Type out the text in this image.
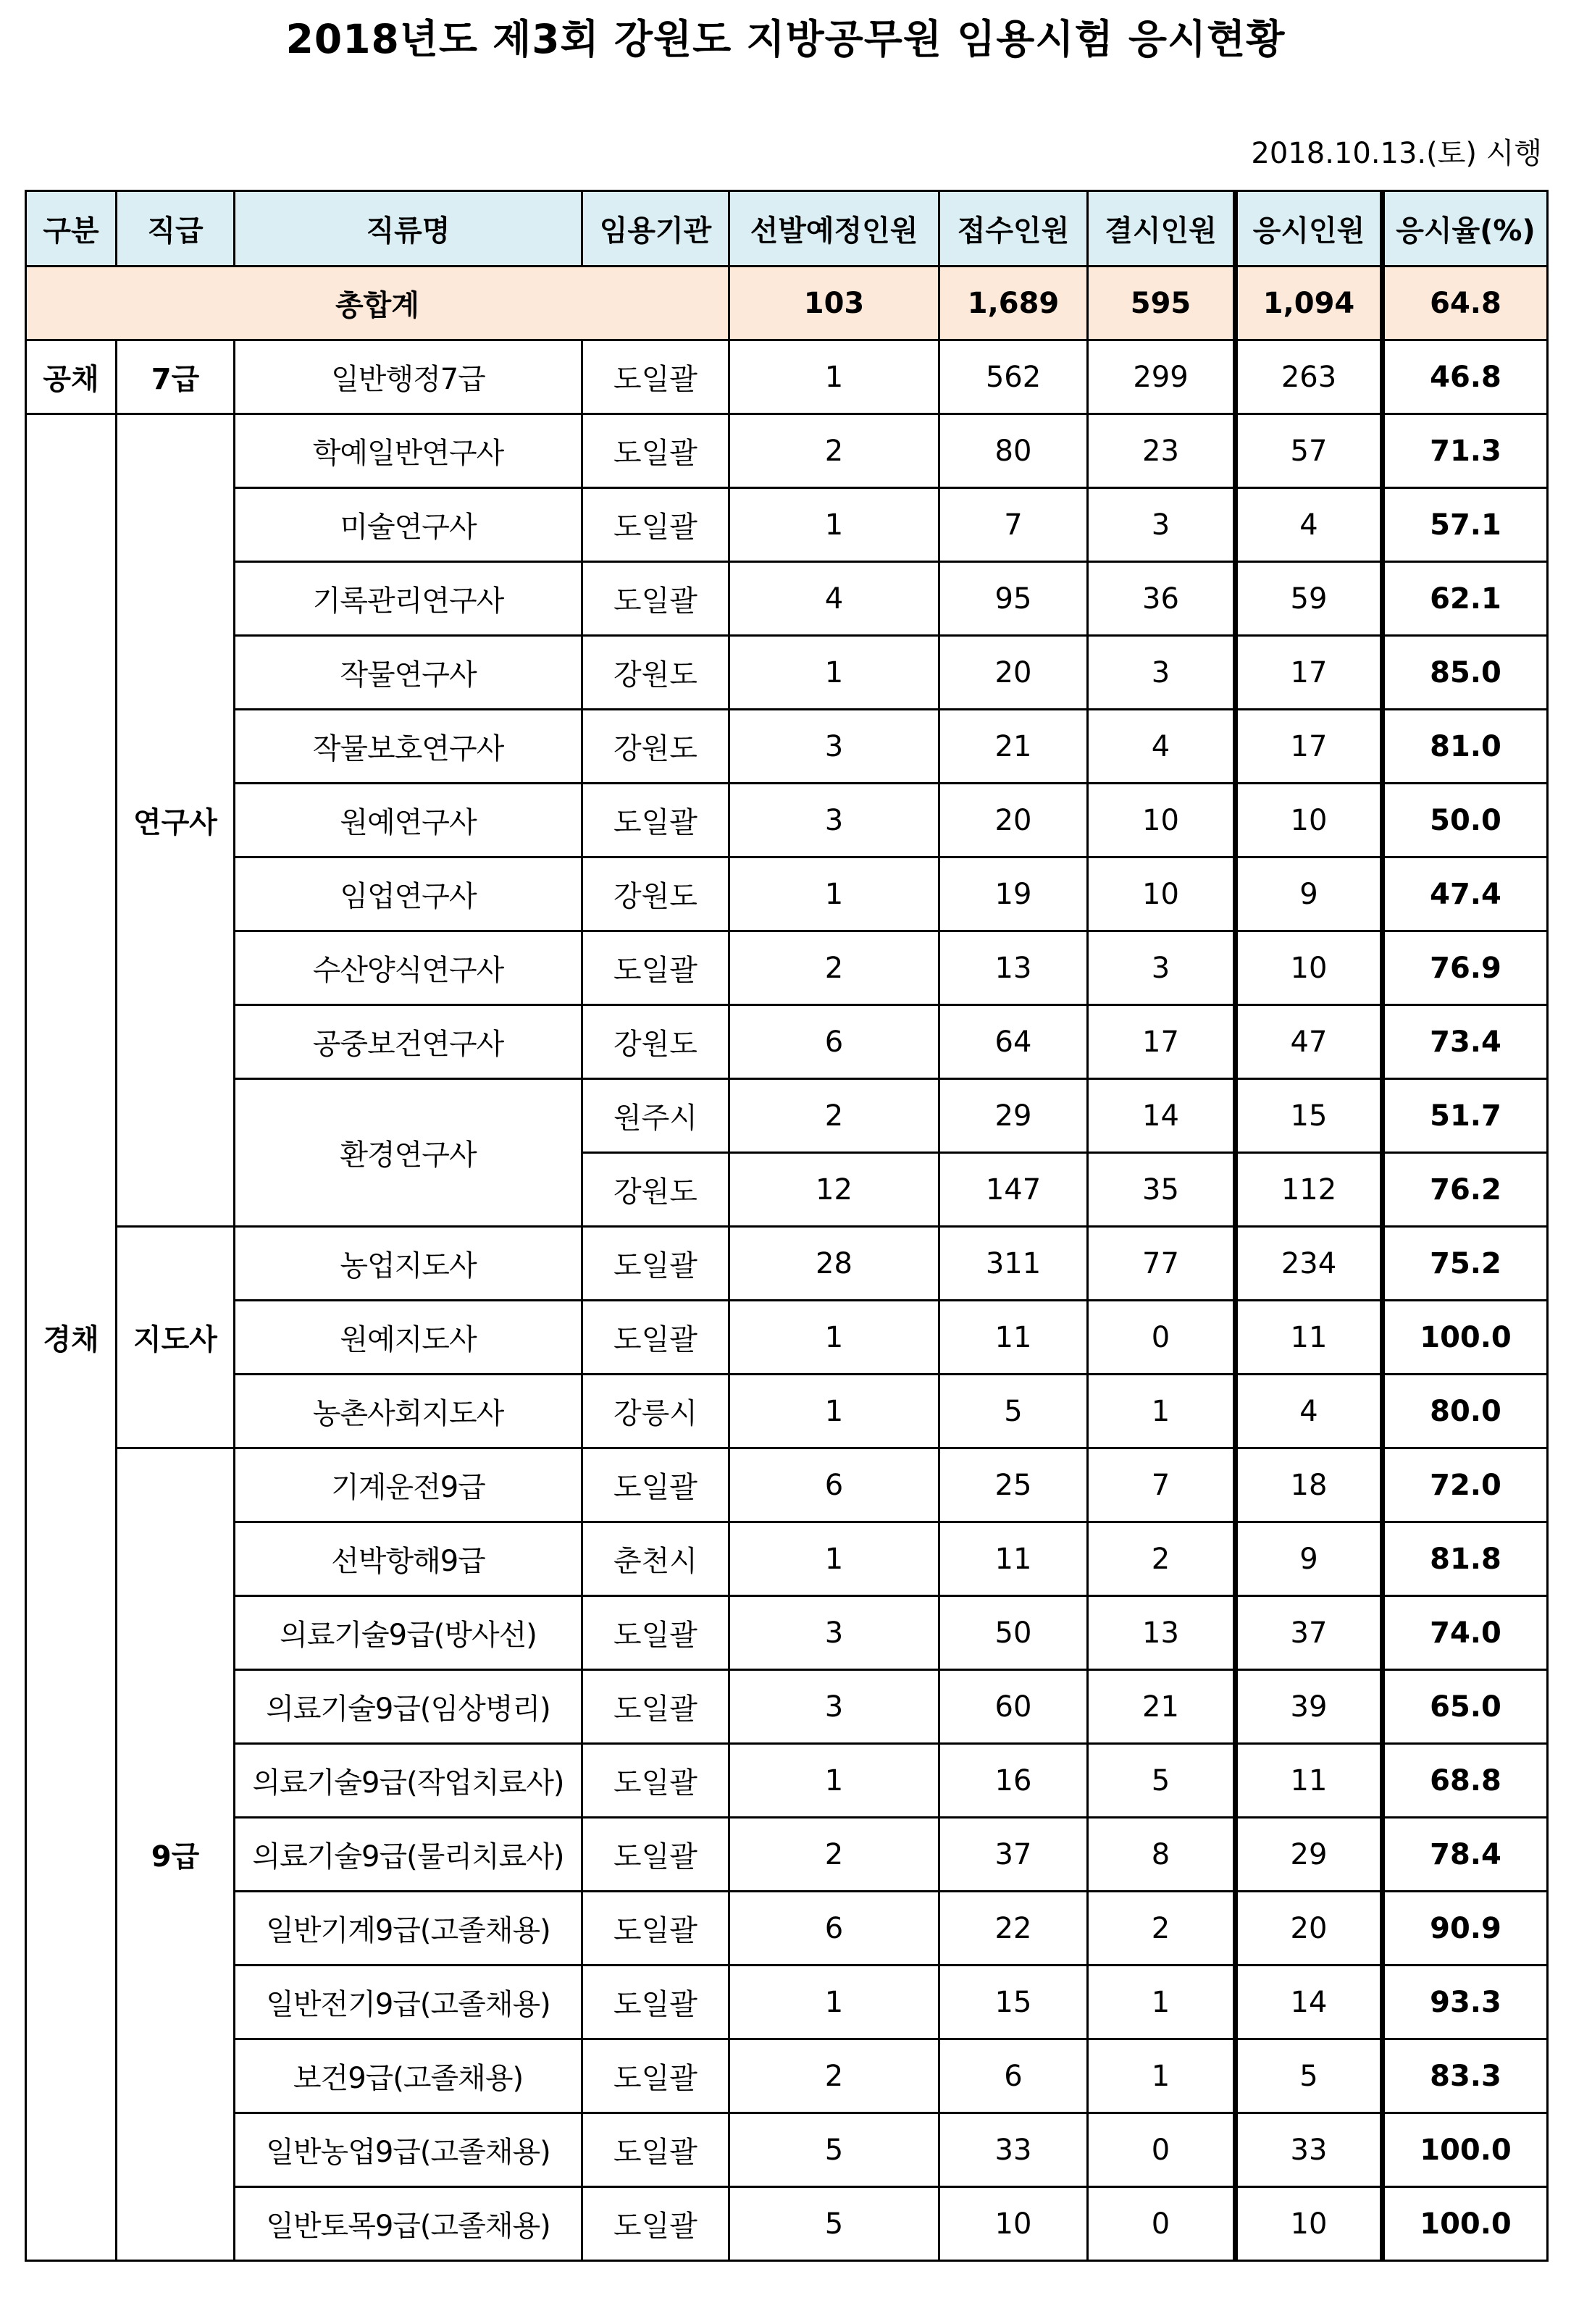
2018년도 제3회 강원도 지방공무원 임용시험 응시현황
2018.10.13.(토) 시행
구분	직급	직류명	임용기관	선발예정인원	접수인원	결시인원	응시인원	응시율(%)
총합계				103	1,689	595	1,094	64.8
공채	7급	일반행정7급	도일괄	1	562	299	263	46.8
경채	연구사	학예일반연구사	도일괄	2	80	23	57	71.3
		미술연구사	도일괄	1	7	3	4	57.1
		기록관리연구사	도일괄	4	95	36	59	62.1
		작물연구사	강원도	1	20	3	17	85.0
		작물보호연구사	강원도	3	21	4	17	81.0
		원예연구사	도일괄	3	20	10	10	50.0
		임업연구사	강원도	1	19	10	9	47.4
		수산양식연구사	도일괄	2	13	3	10	76.9
		공중보건연구사	강원도	6	64	17	47	73.4
		환경연구사	원주시	2	29	14	15	51.7
			강원도	12	147	35	112	76.2
	지도사	농업지도사	도일괄	28	311	77	234	75.2
		원예지도사	도일괄	1	11	0	11	100.0
		농촌사회지도사	강릉시	1	5	1	4	80.0
	9급	기계운전9급	도일괄	6	25	7	18	72.0
		선박항해9급	춘천시	1	11	2	9	81.8
		의료기술9급(방사선)	도일괄	3	50	13	37	74.0
		의료기술9급(임상병리)	도일괄	3	60	21	39	65.0
		의료기술9급(작업치료사)	도일괄	1	16	5	11	68.8
		의료기술9급(물리치료사)	도일괄	2	37	8	29	78.4
		일반기계9급(고졸채용)	도일괄	6	22	2	20	90.9
		일반전기9급(고졸채용)	도일괄	1	15	1	14	93.3
		보건9급(고졸채용)	도일괄	2	6	1	5	83.3
		일반농업9급(고졸채용)	도일괄	5	33	0	33	100.0
		일반토목9급(고졸채용)	도일괄	5	10	0	10	100.0
